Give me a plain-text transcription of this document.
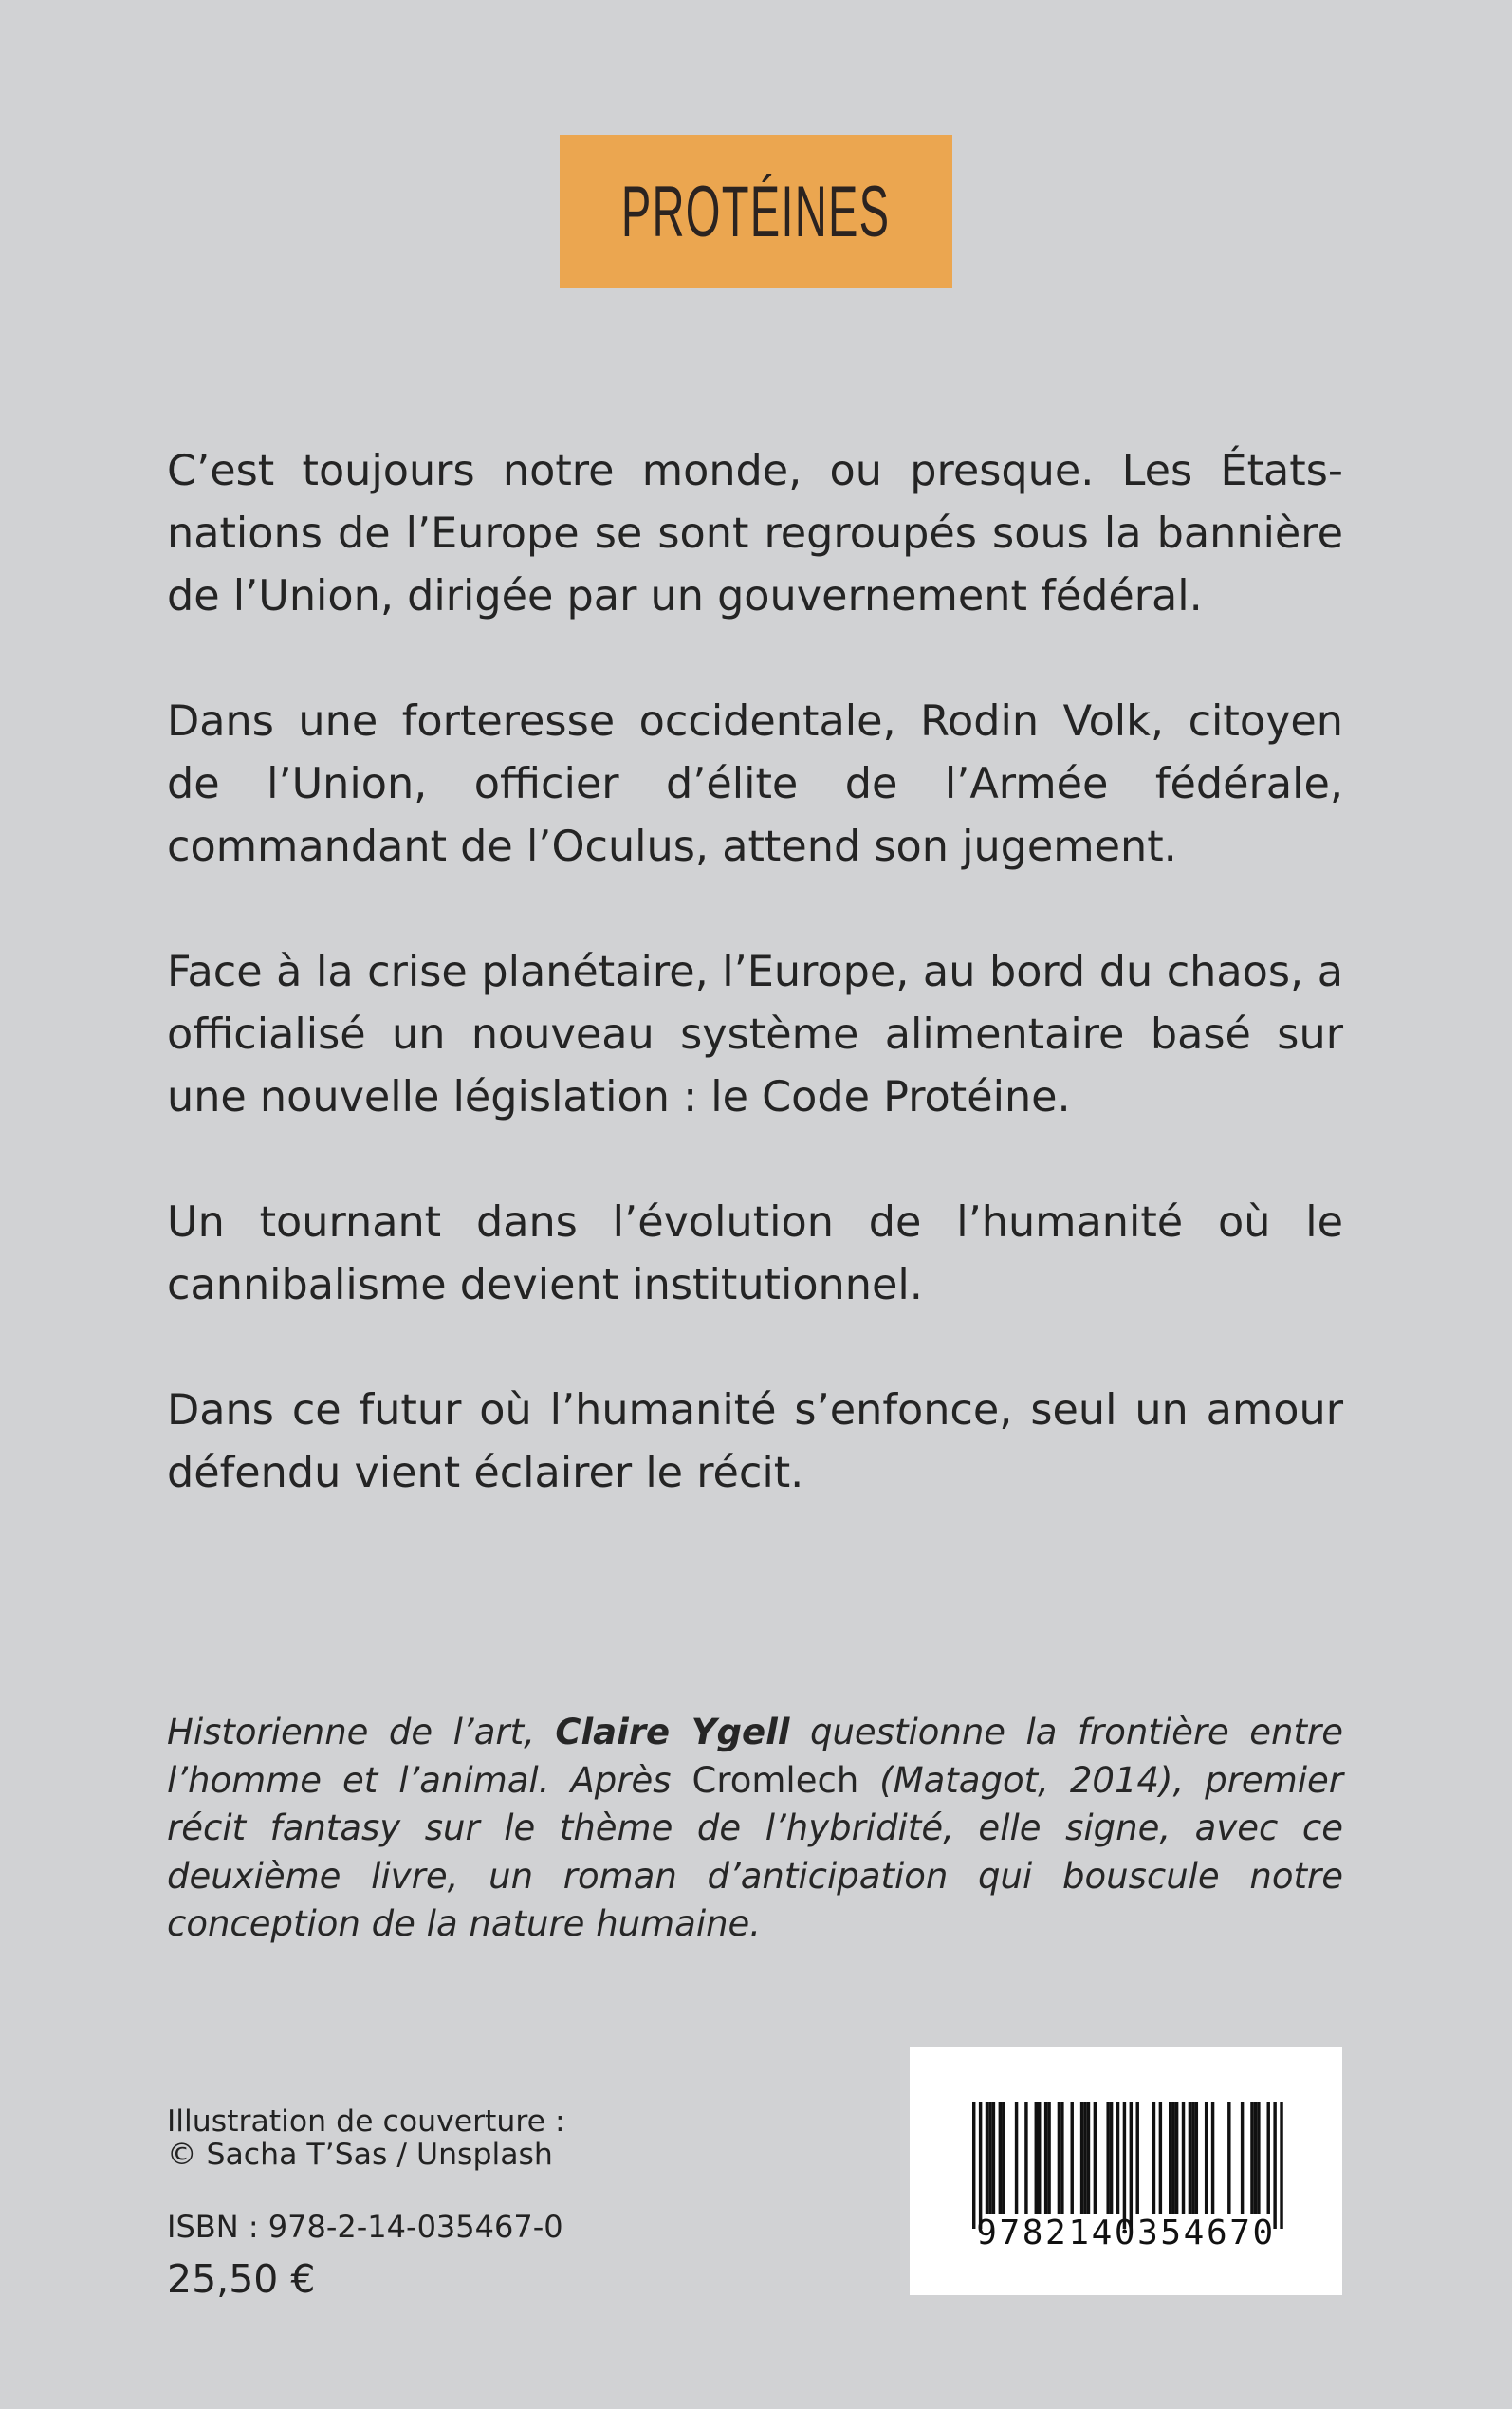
PROTÉINES

C’est toujours notre monde, ou presque. Les États-nations de l’Europe se sont regroupés sous la bannière de l’Union, dirigée par un gouvernement fédéral.

Dans une forteresse occidentale, Rodin Volk, citoyen de l’Union, officier d’élite de l’Armée fédérale, commandant de l’Oculus, attend son jugement.

Face à la crise planétaire, l’Europe, au bord du chaos, a officialisé un nouveau système alimentaire basé sur une nouvelle législation : le Code Protéine.

Un tournant dans l’évolution de l’humanité où le cannibalisme devient institutionnel.

Dans ce futur où l’humanité s’enfonce, seul un amour défendu vient éclairer le récit.

Historienne de l’art, Claire Ygell questionne la frontière entre l’homme et l’animal. Après Cromlech (Matagot, 2014), premier récit fantasy sur le thème de l’hybridité, elle signe, avec ce deuxième livre, un roman d’anticipation qui bouscule notre conception de la nature humaine.
Illustration de couverture :
© Sacha T’Sas / Unsplash
ISBN : 978-2-14-035467-0
25,50 €
9782140354670
